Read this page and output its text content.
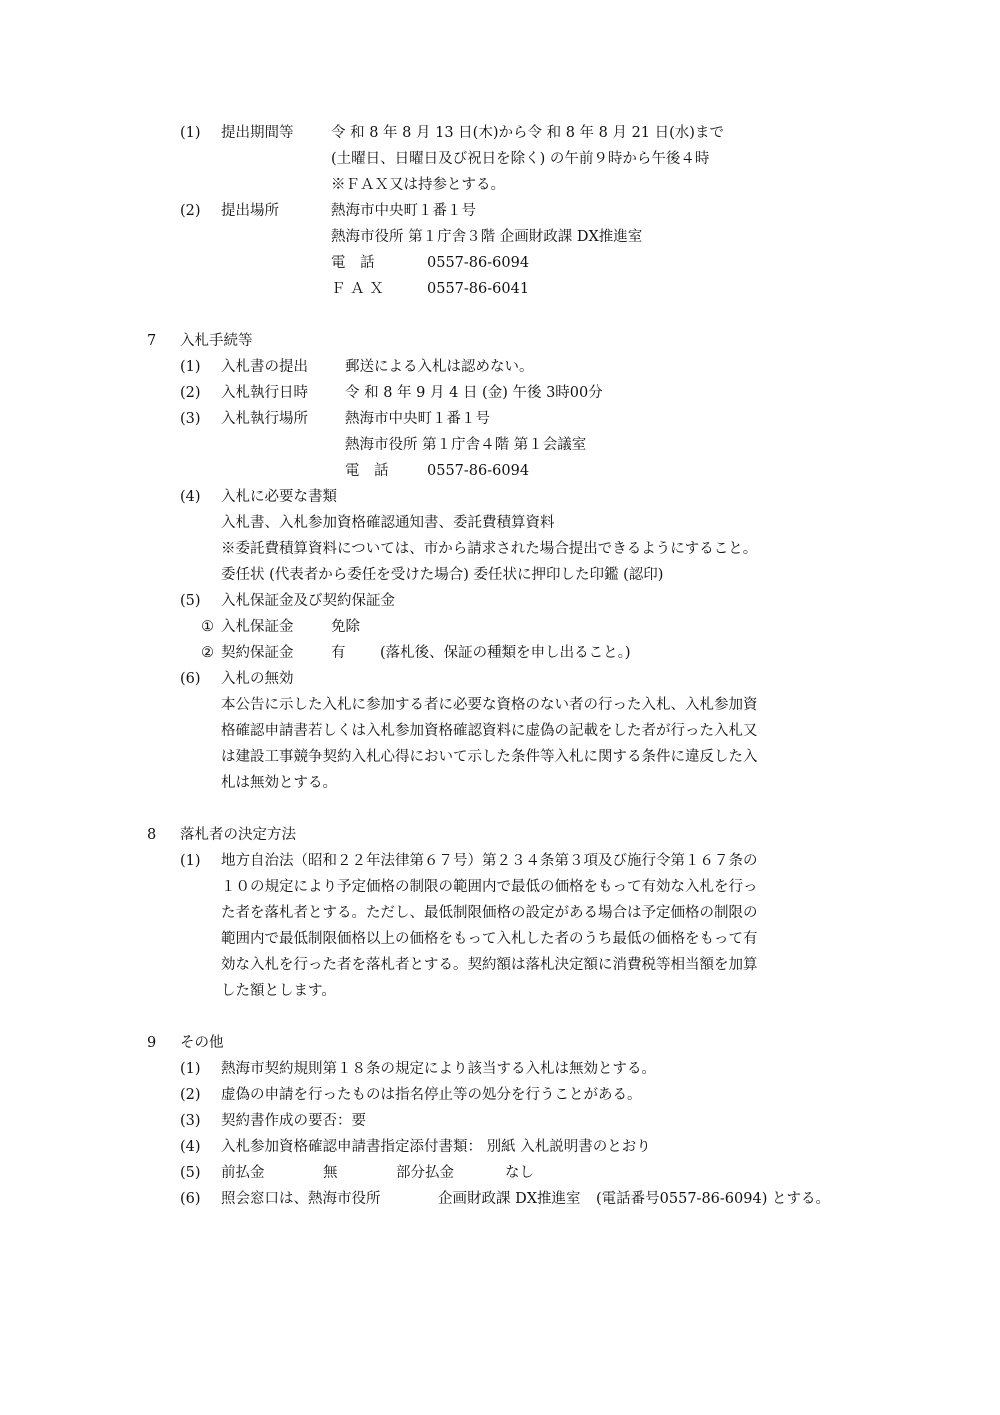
(1) 提出期間等	令 和 8 年 8 月 13 日(木)から令 和 8 年 8 月 21 日(水)まで
(土曜日、日曜日及び祝日を除く) の午前９時から午後４時
※ＦＡＸ又は持参とする。
(2) 提出場所	熱海市中央町１番１号
熱海市役所 第１庁舎３階 企画財政課 DX推進室
電　話	0557-86-6094
Ｆ Ａ Ｘ	0557-86-6041
7 入札手続等
(1) 入札書の提出	郵送による入札は認めない。
(2) 入札執行日時	令 和 8 年 9 月 4 日 (金) 午後 3時00分
(3) 入札執行場所	熱海市中央町１番１号
熱海市役所 第１庁舎４階 第１会議室
電　話	0557-86-6094
(4) 入札に必要な書類
入札書、入札参加資格確認通知書、委託費積算資料
※委託費積算資料については、市から請求された場合提出できるようにすること。
委任状 (代表者から委任を受けた場合) 委任状に押印した印鑑 (認印)
(5) 入札保証金及び契約保証金
① 入札保証金	免除
② 契約保証金	有 (落札後、保証の種類を申し出ること。)
(6) 入札の無効
本公告に示した入札に参加する者に必要な資格のない者の行った入札、入札参加資
格確認申請書若しくは入札参加資格確認資料に虚偽の記載をした者が行った入札又
は建設工事競争契約入札心得において示した条件等入札に関する条件に違反した入
札は無効とする。
8 落札者の決定方法
(1) 地方自治法（昭和２２年法律第６７号）第２３４条第３項及び施行令第１６７条の
１０の規定により予定価格の制限の範囲内で最低の価格をもって有効な入札を行っ
た者を落札者とする。ただし、最低制限価格の設定がある場合は予定価格の制限の
範囲内で最低制限価格以上の価格をもって入札した者のうち最低の価格をもって有
効な入札を行った者を落札者とする。契約額は落札決定額に消費税等相当額を加算
した額とします。
9 その他
(1) 熱海市契約規則第１８条の規定により該当する入札は無効とする。
(2) 虚偽の申請を行ったものは指名停止等の処分を行うことがある。
(3) 契約書作成の要否：要
(4) 入札参加資格確認申請書指定添付書類： 別紙 入札説明書のとおり
(5) 前払金	無	部分払金	なし
(6) 照会窓口は、熱海市役所	企画財政課 DX推進室 (電話番号0557-86-6094) とする。
